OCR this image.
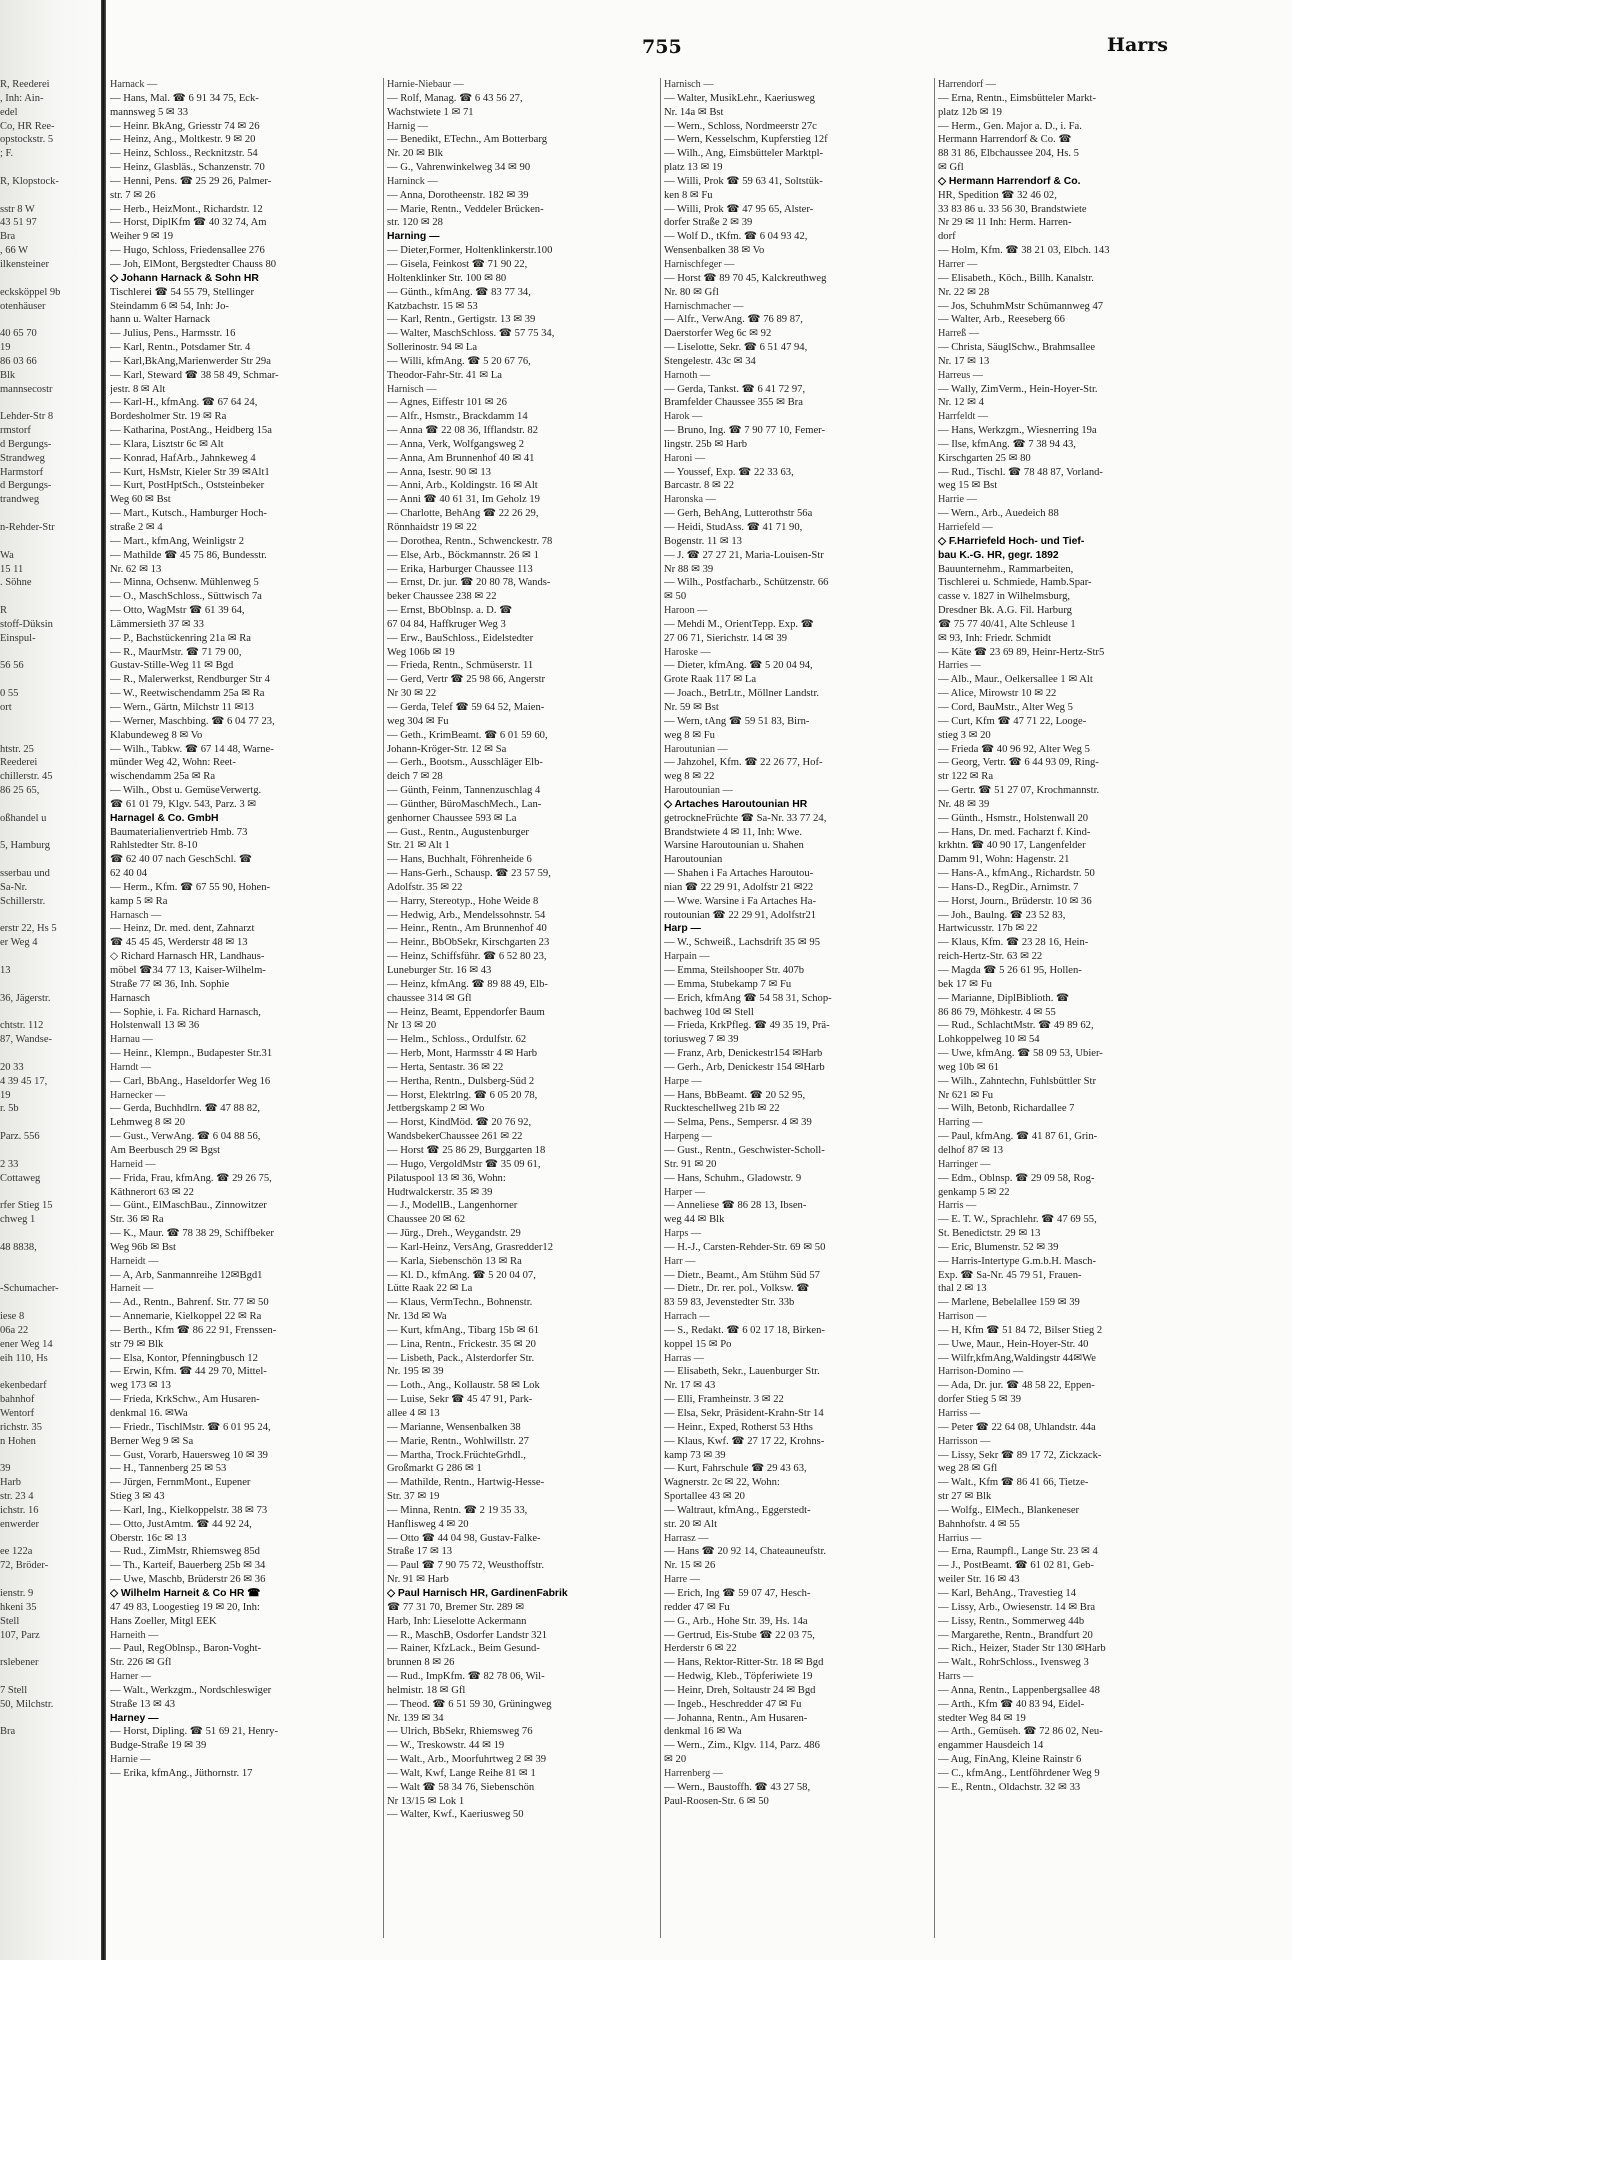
R, Reederei
, Inh: Ain-
edel
Co, HR Ree-
opstockstr. 5
; F.

R, Klopstock-

sstr 8 W
43 51 97
Bra
, 66 W
ilkensteiner

ecksköppel 9b
otenhäuser

40 65 70
19
86 03 66
Blk
mannsecostr

Lehder-Str 8
rmstorf
d Bergungs-
Strandweg
Harmstorf
d Bergungs-
trandweg

n-Rehder-Str

Wa
15 11
. Söhne

R
stoff-Düksin
Einspul-

56 56

0 55
ort

htstr. 25
Reederei
chillerstr. 45
86 25 65,

oßhandel u

5, Hamburg

sserbau und
Sa-Nr.
Schillerstr.

erstr 22, Hs 5
er Weg 4

13

36, Jägerstr.

chtstr. 112
87, Wandse-

20 33
4 39 45 17,
19
r. 5b

Parz. 556

2 33
Cottaweg

rfer Stieg 15
chweg 1

48 8838,

-Schumacher-

iese 8
06a 22
ener Weg 14
eih 110, Hs

ekenbedarf
bahnhof
Wentorf
richstr. 35
n Hohen

39
Harb
str. 23 4
ichstr. 16
enwerder

ee 122a
72, Bröder-

ienstr. 9
hkeni 35
Stell
107, Parz

rslebener

7 Stell
50, Milchstr.

Bra
755	Harrs
Harnack —
— Hans, Mal. ☎ 6 91 34 75, Eck-
mannsweg 5 ✉ 33
— Heinr. BkAng, Griesstr 74 ✉ 26
— Heinz, Ang., Moltkestr. 9 ✉ 20
— Heinz, Schloss., Recknitzstr. 54
— Heinz, Glasbläs., Schanzenstr. 70
— Henni, Pens. ☎ 25 29 26, Palmer-
str. 7 ✉ 26
— Herb., HeizMont., Richardstr. 12
— Horst, DiplKfm ☎ 40 32 74, Am
Weiher 9 ✉ 19
— Hugo, Schloss, Friedensallee 276
— Joh, ElMont, Bergstedter Chauss 80
◇ Johann Harnack & Sohn HR
Tischlerei ☎ 54 55 79, Stellinger
Steindamm 6 ✉ 54, Inh: Jo-
hann u. Walter Harnack
— Julius, Pens., Harmsstr. 16
— Karl, Rentn., Potsdamer Str. 4
— Karl,BkAng,Marienwerder Str 29a
— Karl, Steward ☎ 38 58 49, Schmar-
jestr. 8 ✉ Alt
— Karl-H., kfmAng. ☎ 67 64 24,
Bordesholmer Str. 19 ✉ Ra
— Katharina, PostAng., Heidberg 15a
— Klara, Lisztstr 6c ✉ Alt
— Konrad, HafArb., Jahnkeweg 4
— Kurt, HsMstr, Kieler Str 39 ✉Alt1
— Kurt, PostHptSch., Oststeinbeker
Weg 60 ✉ Bst
— Mart., Kutsch., Hamburger Hoch-
straße 2 ✉ 4
— Mart., kfmAng, Weinligstr 2
— Mathilde ☎ 45 75 86, Bundesstr.
Nr. 62 ✉ 13
— Minna, Ochsenw. Mühlenweg 5
— O., MaschSchloss., Süttwisch 7a
— Otto, WagMstr ☎ 61 39 64,
Lämmersieth 37 ✉ 33
— P., Bachstückenring 21a ✉ Ra
— R., MaurMstr. ☎ 71 79 00,
Gustav-Stille-Weg 11 ✉ Bgd
— R., Malerwerkst, Rendburger Str 4
— W., Reetwischendamm 25a ✉ Ra
— Wern., Gärtn, Milchstr 11 ✉13
— Werner, Maschbing. ☎ 6 04 77 23,
Klabundeweg 8 ✉ Vo
— Wilh., Tabkw. ☎ 67 14 48, Warne-
münder Weg 42, Wohn: Reet-
wischendamm 25a ✉ Ra
— Wilh., Obst u. GemüseVerwertg.
☎ 61 01 79, Klgv. 543, Parz. 3 ✉
Harnagel & Co. GmbH
Baumaterialienvertrieb Hmb. 73
Rahlstedter Str. 8-10
☎ 62 40 07 nach GeschSchl. ☎
62 40 04
— Herm., Kfm. ☎ 67 55 90, Hohen-
kamp 5 ✉ Ra
Harnasch —
— Heinz, Dr. med. dent, Zahnarzt
☎ 45 45 45, Werderstr 48 ✉ 13
◇ Richard Harnasch HR, Landhaus-
möbel ☎34 77 13, Kaiser-Wilhelm-
Straße 77 ✉ 36, Inh. Sophie
Harnasch
— Sophie, i. Fa. Richard Harnasch,
Holstenwall 13 ✉ 36
Harnau —
— Heinr., Klempn., Budapester Str.31
Harndt —
— Carl, BbAng., Haseldorfer Weg 16
Harnecker —
— Gerda, Buchhdlrn. ☎ 47 88 82,
Lehmweg 8 ✉ 20
— Gust., VerwAng. ☎ 6 04 88 56,
Am Beerbusch 29 ✉ Bgst
Harneid —
— Frida, Frau, kfmAng. ☎ 29 26 75,
Käthnerort 63 ✉ 22
— Günt., ElMaschBau., Zinnowitzer
Str. 36 ✉ Ra
— K., Maur. ☎ 78 38 29, Schiffbeker
Weg 96b ✉ Bst
Harneidt —
— A, Arb, Sanmannreihe 12✉Bgd1
Harneit —
— Ad., Rentn., Bahrenf. Str. 77 ✉ 50
— Annemarie, Kielkoppel 22 ✉ Ra
— Berth., Kfm ☎ 86 22 91, Frenssen-
str 79 ✉ Blk
— Elsa, Kontor, Pfenningbusch 12
— Erwin, Kfm. ☎ 44 29 70, Mittel-
weg 173 ✉ 13
— Frieda, KrkSchw., Am Husaren-
denkmal 16. ✉Wa
— Friedr., TischlMstr. ☎ 6 01 95 24,
Berner Weg 9 ✉ Sa
— Gust, Vorarb, Hauersweg 10 ✉ 39
— H., Tannenberg 25 ✉ 53
— Jürgen, FernmMont., Eupener
Stieg 3 ✉ 43
— Karl, Ing., Kielkoppelstr. 38 ✉ 73
— Otto, JustAmtm. ☎ 44 92 24,
Oberstr. 16c ✉ 13
— Rud., ZimMstr, Rhiemsweg 85d
— Th., Karteif, Bauerberg 25b ✉ 34
— Uwe, Maschb, Brüderstr 26 ✉ 36
◇ Wilhelm Harneit & Co HR ☎
47 49 83, Loogestieg 19 ✉ 20, Inh:
Hans Zoeller, Mitgl EEK
Harneith —
— Paul, RegOblnsp., Baron-Voght-
Str. 226 ✉ Gfl
Harner —
— Walt., Werkzgm., Nordschleswiger
Straße 13 ✉ 43
Harney —
— Horst, Dipling. ☎ 51 69 21, Henry-
Budge-Straße 19 ✉ 39
Harnie —
— Erika, kfmAng., Jüthornstr. 17
Harnie-Niebaur —
— Rolf, Manag. ☎ 6 43 56 27,
Wachstwiete 1 ✉ 71
Harnig —
— Benedikt, ETechn., Am Botterbarg
Nr. 20 ✉ Blk
— G., Vahrenwinkelweg 34 ✉ 90
Harninck —
— Anna, Dorotheenstr. 182 ✉ 39
— Marie, Rentn., Veddeler Brücken-
str. 120 ✉ 28
Harning —
— Dieter,Former, Holtenklinkerstr.100
— Gisela, Feinkost ☎ 71 90 22,
Holtenklinker Str. 100 ✉ 80
— Günth., kfmAng. ☎ 83 77 34,
Katzbachstr. 15 ✉ 53
— Karl, Rentn., Gertigstr. 13 ✉ 39
— Walter, MaschSchloss. ☎ 57 75 34,
Sollerinostr. 94 ✉ La
— Willi, kfmAng. ☎ 5 20 67 76,
Theodor-Fahr-Str. 41 ✉ La
Harnisch —
— Agnes, Eiffestr 101 ✉ 26
— Alfr., Hsmstr., Brackdamm 14
— Anna ☎ 22 08 36, Ifflandstr. 82
— Anna, Verk, Wolfgangsweg 2
— Anna, Am Brunnenhof 40 ✉ 41
— Anna, Isestr. 90 ✉ 13
— Anni, Arb., Koldingstr. 16 ✉ Alt
— Anni ☎ 40 61 31, Im Geholz 19
— Charlotte, BehAng ☎ 22 26 29,
Rönnhaidstr 19 ✉ 22
— Dorothea, Rentn., Schwenckestr. 78
— Else, Arb., Böckmannstr. 26 ✉ 1
— Erika, Harburger Chaussee 113
— Ernst, Dr. jur. ☎ 20 80 78, Wands-
beker Chaussee 238 ✉ 22
— Ernst, BbOblnsp. a. D. ☎
67 04 84, Haffkruger Weg 3
— Erw., BauSchloss., Eidelstedter
Weg 106b ✉ 19
— Frieda, Rentn., Schmüserstr. 11
— Gerd, Vertr ☎ 25 98 66, Angerstr
Nr 30 ✉ 22
— Gerda, Telef ☎ 59 64 52, Maien-
weg 304 ✉ Fu
— Geth., KrimBeamt. ☎ 6 01 59 60,
Johann-Kröger-Str. 12 ✉ Sa
— Gerh., Bootsm., Ausschläger Elb-
deich 7 ✉ 28
— Günth, Feinm, Tannenzuschlag 4
— Günther, BüroMaschMech., Lan-
genhorner Chaussee 593 ✉ La
— Gust., Rentn., Augustenburger
Str. 21 ✉ Alt 1
— Hans, Buchhalt, Föhrenheide 6
— Hans-Gerh., Schausp. ☎ 23 57 59,
Adolfstr. 35 ✉ 22
— Harry, Stereotyp., Hohe Weide 8
— Hedwig, Arb., Mendelssohnstr. 54
— Heinr., Rentn., Am Brunnenhof 40
— Heinr., BbObSekr, Kirschgarten 23
— Heinz, Schiffsführ. ☎ 6 52 80 23,
Luneburger Str. 16 ✉ 43
— Heinz, kfmAng. ☎ 89 88 49, Elb-
chaussee 314 ✉ Gfl
— Heinz, Beamt, Eppendorfer Baum
Nr 13 ✉ 20
— Helm., Schloss., Ordulfstr. 62
— Herb, Mont, Harmsstr 4 ✉ Harb
— Herta, Sentastr. 36 ✉ 22
— Hertha, Rentn., Dulsberg-Süd 2
— Horst, Elektrlng. ☎ 6 05 20 78,
Jettbergskamp 2 ✉ Wo
— Horst, KindMöd. ☎ 20 76 92,
WandsbekerChaussee 261 ✉ 22
— Horst ☎ 25 86 29, Burggarten 18
— Hugo, VergoldMstr ☎ 35 09 61,
Pilatuspool 13 ✉ 36, Wohn:
Hudtwalckerstr. 35 ✉ 39
— J., ModellB., Langenhorner
Chaussee 20 ✉ 62
— Jürg., Dreh., Weygandstr. 29
— Karl-Heinz, VersAng, Grasredder12
— Karla, Siebenschön 13 ✉ Ra
— Kl. D., kfmAng. ☎ 5 20 04 07,
Lütte Raak 22 ✉ La
— Klaus, VermTechn., Bohnenstr.
Nr. 13d ✉ Wa
— Kurt, kfmAng., Tibarg 15b ✉ 61
— Lina, Rentn., Frickestr. 35 ✉ 20
— Lisbeth, Pack., Alsterdorfer Str.
Nr. 195 ✉ 39
— Loth., Ang., Kollaustr. 58 ✉ Lok
— Luise, Sekr ☎ 45 47 91, Park-
allee 4 ✉ 13
— Marianne, Wensenbalken 38
— Marie, Rentn., Wohlwillstr. 27
— Martha, Trock.FrüchteGrhdl.,
Großmarkt G 286 ✉ 1
— Mathilde, Rentn., Hartwig-Hesse-
Str. 37 ✉ 19
— Minna, Rentn. ☎ 2 19 35 33,
Hanflisweg 4 ✉ 20
— Otto ☎ 44 04 98, Gustav-Falke-
Straße 17 ✉ 13
— Paul ☎ 7 90 75 72, Weusthoffstr.
Nr. 91 ✉ Harb
◇ Paul Harnisch HR, GardinenFabrik
☎ 77 31 70, Bremer Str. 289 ✉
Harb, Inh: Lieselotte Ackermann
— R., MaschB, Osdorfer Landstr 321
— Rainer, KfzLack., Beim Gesund-
brunnen 8 ✉ 26
— Rud., ImpKfm. ☎ 82 78 06, Wil-
helmistr. 18 ✉ Gfl
— Theod. ☎ 6 51 59 30, Grüningweg
Nr. 139 ✉ 34
— Ulrich, BbSekr, Rhiemsweg 76
— W., Treskowstr. 44 ✉ 19
— Walt., Arb., Moorfuhrtweg 2 ✉ 39
— Walt, Kwf, Lange Reihe 81 ✉ 1
— Walt ☎ 58 34 76, Siebenschön
Nr 13/15 ✉ Lok 1
— Walter, Kwf., Kaeriusweg 50
Harnisch —
— Walter, MusikLehr., Kaeriusweg
Nr. 14a ✉ Bst
— Wern., Schloss, Nordmeerstr 27c
— Wern, Kesselschm, Kupferstieg 12f
— Wilh., Ang, Eimsbütteler Marktpl-
platz 13 ✉ 19
— Willi, Prok ☎ 59 63 41, Soltstük-
ken 8 ✉ Fu
— Willi, Prok ☎ 47 95 65, Alster-
dorfer Straße 2 ✉ 39
— Wolf D., tKfm. ☎ 6 04 93 42,
Wensenbalken 38 ✉ Vo
Harnischfeger —
— Horst ☎ 89 70 45, Kalckreuthweg
Nr. 80 ✉ Gfl
Harnischmacher —
— Alfr., VerwAng. ☎ 76 89 87,
Daerstorfer Weg 6c ✉ 92
— Liselotte, Sekr. ☎ 6 51 47 94,
Stengelestr. 43c ✉ 34
Harnoth —
— Gerda, Tankst. ☎ 6 41 72 97,
Bramfelder Chaussee 355 ✉ Bra
Harok —
— Bruno, Ing. ☎ 7 90 77 10, Femer-
lingstr. 25b ✉ Harb
Haroni —
— Youssef, Exp. ☎ 22 33 63,
Barcastr. 8 ✉ 22
Haronska —
— Gerh, BehAng, Lutterothstr 56a
— Heidi, StudAss. ☎ 41 71 90,
Bogenstr. 11 ✉ 13
— J. ☎ 27 27 21, Maria-Louisen-Str
Nr 88 ✉ 39
— Wilh., Postfacharb., Schützenstr. 66
✉ 50
Haroon —
— Mehdi M., OrientTepp. Exp. ☎
27 06 71, Sierichstr. 14 ✉ 39
Haroske —
— Dieter, kfmAng. ☎ 5 20 04 94,
Grote Raak 117 ✉ La
— Joach., BetrLtr., Möllner Landstr.
Nr. 59 ✉ Bst
— Wern, tAng ☎ 59 51 83, Birn-
weg 8 ✉ Fu
Haroutunian —
— Jahzohel, Kfm. ☎ 22 26 77, Hof-
weg 8 ✉ 22
Haroutounian —
◇ Artaches Haroutounian HR
getrockneFrüchte ☎ Sa-Nr. 33 77 24,
Brandstwiete 4 ✉ 11, Inh: Wwe.
Warsine Haroutounian u. Shahen
Haroutounian
— Shahen i Fa Artaches Haroutou-
nian ☎ 22 29 91, Adolfstr 21 ✉22
— Wwe. Warsine i Fa Artaches Ha-
routounian ☎ 22 29 91, Adolfstr21
Harp —
— W., Schweiß., Lachsdrift 35 ✉ 95
Harpain —
— Emma, Steilshooper Str. 407b
— Emma, Stubekamp 7 ✉ Fu
— Erich, kfmAng ☎ 54 58 31, Schop-
bachweg 10d ✉ Stell
— Frieda, KrkPfleg. ☎ 49 35 19, Prä-
toriusweg 7 ✉ 39
— Franz, Arb, Denickestr154 ✉Harb
— Gerh., Arb, Denickestr 154 ✉Harb
Harpe —
— Hans, BbBeamt. ☎ 20 52 95,
Ruckteschellweg 21b ✉ 22
— Selma, Pens., Sempersr. 4 ✉ 39
Harpeng —
— Gust., Rentn., Geschwister-Scholl-
Str. 91 ✉ 20
— Hans, Schuhm., Gladowstr. 9
Harper —
— Anneliese ☎ 86 28 13, Ibsen-
weg 44 ✉ Blk
Harps —
— H.-J., Carsten-Rehder-Str. 69 ✉ 50
Harr —
— Dietr., Beamt., Am Stühm Süd 57
— Dietr., Dr. rer. pol., Volksw. ☎
83 59 83, Jevenstedter Str. 33b
Harrach —
— S., Redakt. ☎ 6 02 17 18, Birken-
koppel 15 ✉ Po
Harras —
— Elisabeth, Sekr., Lauenburger Str.
Nr. 17 ✉ 43
— Elli, Framheinstr. 3 ✉ 22
— Elsa, Sekr, Präsident-Krahn-Str 14
— Heinr., Exped, Rotherst 53 Hths
— Klaus, Kwf. ☎ 27 17 22, Krohns-
kamp 73 ✉ 39
— Kurt, Fahrschule ☎ 29 43 63,
Wagnerstr. 2c ✉ 22, Wohn:
Sportallee 43 ✉ 20
— Waltraut, kfmAng., Eggerstedt-
str. 20 ✉ Alt
Harrasz —
— Hans ☎ 20 92 14, Chateauneufstr.
Nr. 15 ✉ 26
Harre —
— Erich, Ing ☎ 59 07 47, Hesch-
redder 47 ✉ Fu
— G., Arb., Hohe Str. 39, Hs. 14a
— Gertrud, Eis-Stube ☎ 22 03 75,
Herderstr 6 ✉ 22
— Hans, Rektor-Ritter-Str. 18 ✉ Bgd
— Hedwig, Kleb., Töpferiwiete 19
— Heinr, Dreh, Soltaustr 24 ✉ Bgd
— Ingeb., Heschredder 47 ✉ Fu
— Johanna, Rentn., Am Husaren-
denkmal 16 ✉ Wa
— Wern., Zim., Klgv. 114, Parz. 486
✉ 20
Harrenberg —
— Wern., Baustoffh. ☎ 43 27 58,
Paul-Roosen-Str. 6 ✉ 50
Harrendorf —
— Erna, Rentn., Eimsbütteler Markt-
platz 12b ✉ 19
— Herm., Gen. Major a. D., i. Fa.
Hermann Harrendorf & Co. ☎
88 31 86, Elbchaussee 204, Hs. 5
✉ Gfl
◇ Hermann Harrendorf & Co.
HR, Spedition ☎ 32 46 02,
33 83 86 u. 33 56 30, Brandstwiete
Nr 29 ✉ 11 Inh: Herm. Harren-
dorf
— Holm, Kfm. ☎ 38 21 03, Elbch. 143
Harrer —
— Elisabeth., Köch., Billh. Kanalstr.
Nr. 22 ✉ 28
— Jos, SchuhmMstr Schümannweg 47
— Walter, Arb., Reeseberg 66
Harreß —
— Christa, SäuglSchw., Brahmsallee
Nr. 17 ✉ 13
Harreus —
— Wally, ZimVerm., Hein-Hoyer-Str.
Nr. 12 ✉ 4
Harrfeldt —
— Hans, Werkzgm., Wiesnerring 19a
— Ilse, kfmAng. ☎ 7 38 94 43,
Kirschgarten 25 ✉ 80
— Rud., Tischl. ☎ 78 48 87, Vorland-
weg 15 ✉ Bst
Harrie —
— Wern., Arb., Auedeich 88
Harriefeld —
◇ F.Harriefeld Hoch- und Tief-
bau K.-G. HR, gegr. 1892
Bauunternehm., Rammarbeiten,
Tischlerei u. Schmiede, Hamb.Spar-
casse v. 1827 in Wilhelmsburg,
Dresdner Bk. A.G. Fil. Harburg
☎ 75 77 40/41, Alte Schleuse 1
✉ 93, Inh: Friedr. Schmidt
— Käte ☎ 23 69 89, Heinr-Hertz-Str5
Harries —
— Alb., Maur., Oelkersallee 1 ✉ Alt
— Alice, Mirowstr 10 ✉ 22
— Cord, BauMstr., Alter Weg 5
— Curt, Kfm ☎ 47 71 22, Looge-
stieg 3 ✉ 20
— Frieda ☎ 40 96 92, Alter Weg 5
— Georg, Vertr. ☎ 6 44 93 09, Ring-
str 122 ✉ Ra
— Gertr. ☎ 51 27 07, Krochmannstr.
Nr. 48 ✉ 39
— Günth., Hsmstr., Holstenwall 20
— Hans, Dr. med. Facharzt f. Kind-
krkhtn. ☎ 40 90 17, Langenfelder
Damm 91, Wohn: Hagenstr. 21
— Hans-A., kfmAng., Richardstr. 50
— Hans-D., RegDir., Arnimstr. 7
— Horst, Journ., Brüderstr. 10 ✉ 36
— Joh., Baulng. ☎ 23 52 83,
Hartwicusstr. 17b ✉ 22
— Klaus, Kfm. ☎ 23 28 16, Hein-
reich-Hertz-Str. 63 ✉ 22
— Magda ☎ 5 26 61 95, Hollen-
bek 17 ✉ Fu
— Marianne, DiplBiblioth. ☎
86 86 79, Möhkestr. 4 ✉ 55
— Rud., SchlachtMstr. ☎ 49 89 62,
Lohkoppelweg 10 ✉ 54
— Uwe, kfmAng. ☎ 58 09 53, Ubier-
weg 10b ✉ 61
— Wilh., Zahntechn, Fuhlsbüttler Str
Nr 621 ✉ Fu
— Wilh, Betonb, Richardallee 7
Harring —
— Paul, kfmAng. ☎ 41 87 61, Grin-
delhof 87 ✉ 13
Harringer —
— Edm., Oblnsp. ☎ 29 09 58, Rog-
genkamp 5 ✉ 22
Harris —
— E. T. W., Sprachlehr. ☎ 47 69 55,
St. Benedictstr. 29 ✉ 13
— Eric, Blumenstr. 52 ✉ 39
— Harris-Intertype G.m.b.H. Masch-
Exp. ☎ Sa-Nr. 45 79 51, Frauen-
thal 2 ✉ 13
— Marlene, Bebelallee 159 ✉ 39
Harrison —
— H, Kfm ☎ 51 84 72, Bilser Stieg 2
— Uwe, Maur., Hein-Hoyer-Str. 40
— Wilfr,kfmAng,Waldingstr 44✉We
Harrison-Domino —
— Ada, Dr. jur. ☎ 48 58 22, Eppen-
dorfer Stieg 5 ✉ 39
Harriss —
— Peter ☎ 22 64 08, Uhlandstr. 44a
Harrisson —
— Lissy, Sekr ☎ 89 17 72, Zickzack-
weg 28 ✉ Gfl
— Walt., Kfm ☎ 86 41 66, Tietze-
str 27 ✉ Blk
— Wolfg., ElMech., Blankeneser
Bahnhofstr. 4 ✉ 55
Harrius —
— Erna, Raumpfl., Lange Str. 23 ✉ 4
— J., PostBeamt. ☎ 61 02 81, Geb-
weiler Str. 16 ✉ 43
— Karl, BehAng., Travestieg 14
— Lissy, Arb., Owiesenstr. 14 ✉ Bra
— Lissy, Rentn., Sommerweg 44b
— Margarethe, Rentn., Brandfurt 20
— Rich., Heizer, Stader Str 130 ✉Harb
— Walt., RohrSchloss., Ivensweg 3
Harrs —
— Anna, Rentn., Lappenbergsallee 48
— Arth., Kfm ☎ 40 83 94, Eidel-
stedter Weg 84 ✉ 19
— Arth., Gemüseh. ☎ 72 86 02, Neu-
engammer Hausdeich 14
— Aug, FinAng, Kleine Rainstr 6
— C., kfmAng., Lentföhrdener Weg 9
— E., Rentn., Oldachstr. 32 ✉ 33
